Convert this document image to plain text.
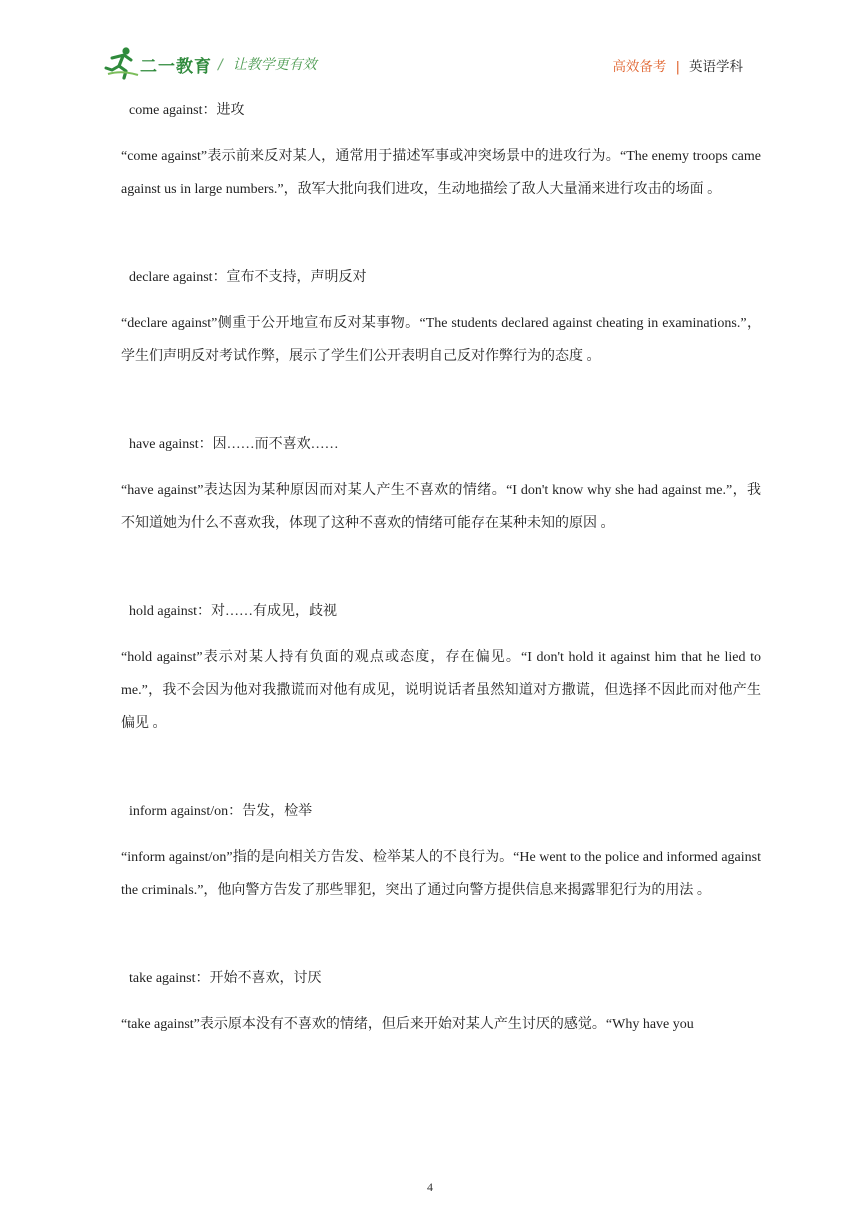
二一教育 / 让教学更有效	高效备考 | 英语学科

come against：进攻

“come against”表示前来反对某人，通常用于描述军事或冲突场景中的进攻行为。“The enemy troops came against us in large numbers.”，敌军大批向我们进攻，生动地描绘了敌人大量涌来进行攻击的场面 。

declare against：宣布不支持，声明反对

“declare against”侧重于公开地宣布反对某事物。“The students declared against cheating in examinations.”，学生们声明反对考试作弊，展示了学生们公开表明自己反对作弊行为的态度 。

have against：因……而不喜欢……

“have against”表达因为某种原因而对某人产生不喜欢的情绪。“I don't know why she had against me.”，我不知道她为什么不喜欢我，体现了这种不喜欢的情绪可能存在某种未知的原因 。

hold against：对……有成见，歧视

“hold against”表示对某人持有负面的观点或态度，存在偏见。“I don't hold it against him that he lied to me.”，我不会因为他对我撒谎而对他有成见，说明说话者虽然知道对方撒谎，但选择不因此而对他产生偏见 。

inform against/on：告发，检举

“inform against/on”指的是向相关方告发、检举某人的不良行为。“He went to the police and informed against the criminals.”，他向警方告发了那些罪犯，突出了通过向警方提供信息来揭露罪犯行为的用法 。

take against：开始不喜欢，讨厌

“take against”表示原本没有不喜欢的情绪，但后来开始对某人产生讨厌的感觉。“Why have you

4
